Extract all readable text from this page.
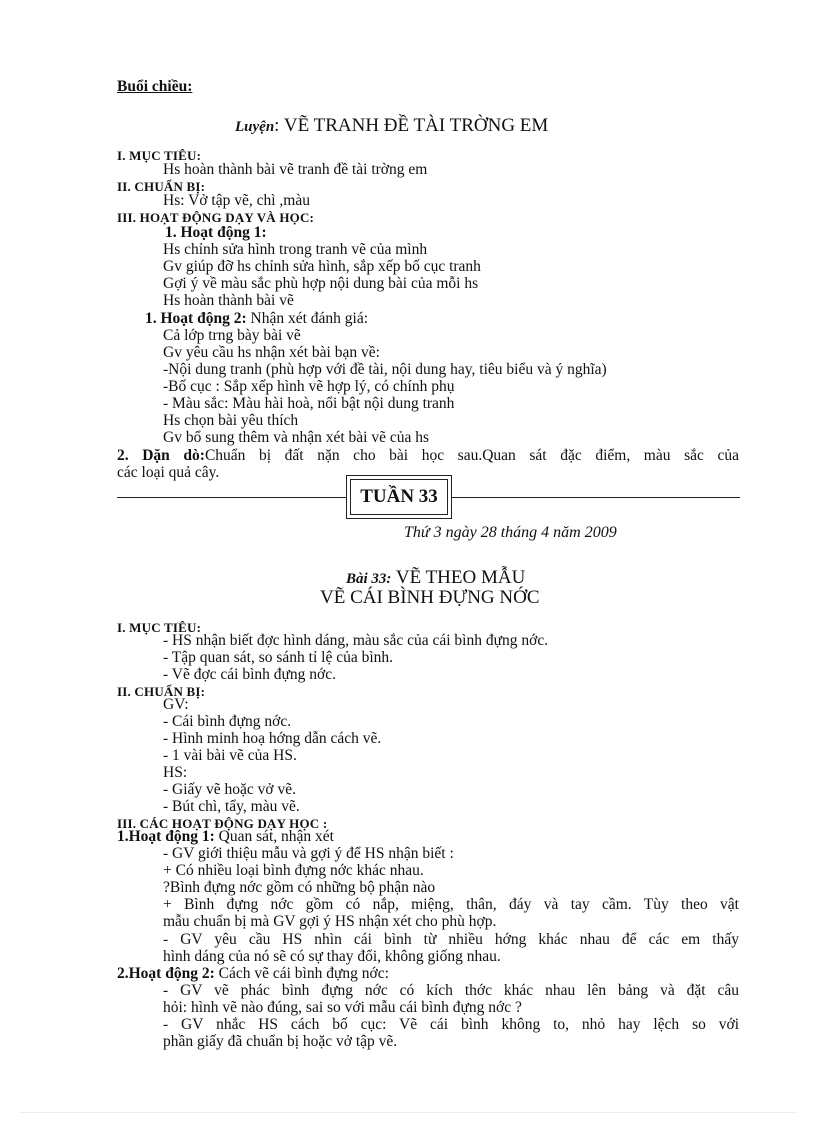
Buổi chiều:
Luyện: VẼ TRANH ĐỀ TÀI TRỜNG EM
I. MỤC TIÊU:
Hs hoàn thành bài vẽ tranh đề tài trờng em
II. CHUẨN BỊ:
Hs: Vở tập vẽ, chì ,màu
III. HOẠT ĐỘNG DẠY VÀ HỌC:
1. Hoạt động 1:
Hs chỉnh sửa hình trong tranh vẽ của mình
Gv giúp đỡ hs chỉnh sửa hình, sắp xếp bố cục tranh
Gợi ý về màu sắc phù hợp nội dung bài của mỗi hs
Hs hoàn thành bài vẽ
1. Hoạt động 2: Nhận xét đánh giá:
Cả lớp trng bày bài vẽ
Gv yêu cầu hs nhận xét bài bạn về:
-Nội dung tranh (phù hợp với đề tài, nội dung hay, tiêu biểu và ý nghĩa)
-Bố cục : Sắp xếp hình vẽ hợp lý, có chính phụ
- Màu sắc: Màu hài hoà, nổi bật nội dung tranh
Hs chọn bài yêu thích
Gv bổ sung thêm và nhận xét bài vẽ của hs
2. Dặn dò:Chuẩn bị đất nặn cho bài học sau.Quan sát đặc điểm, màu sắc của
các loại quả cây.
TUẦN 33
Thứ 3 ngày 28 tháng 4 năm 2009
Bài 33: VẼ THEO MẪU
VẼ CÁI BÌNH ĐỰNG NỚC
I. MỤC TIÊU:
- HS nhận biết đợc hình dáng, màu sắc của cái bình đựng nớc.
- Tập quan sát, so sánh tỉ lệ của bình.
- Vẽ đợc cái bình đựng nớc.
II. CHUẨN BỊ:
GV:
- Cái bình đựng nớc.
- Hình minh hoạ hớng dẫn cách vẽ.
- 1 vài bài vẽ của HS.
HS:
- Giấy vẽ hoặc vở vẽ.
- Bút chì, tẩy, màu vẽ.
III. CÁC HOẠT ĐỘNG DẠY HỌC :
1.Hoạt động 1: Quan sát, nhận xét
- GV giới thiệu mẫu và gợi ý để HS nhận biết :
+ Có nhiều loại bình đựng nớc khác nhau.
?Bình đựng nớc gồm có những bộ phận nào
+ Bình đựng nớc gồm có nắp, miệng, thân, đáy và tay cầm. Tùy theo vật
mẫu chuẩn bị mà GV gợi ý HS nhận xét cho phù hợp.
- GV yêu cầu HS nhìn cái bình từ nhiều hớng khác nhau để các em thấy
hình dáng của nó sẽ có sự thay đổi, không giống nhau.
2.Hoạt động 2: Cách vẽ cái bình đựng nớc:
- GV vẽ phác bình đựng nớc có kích thớc khác nhau lên bảng và đặt câu
hỏi: hình vẽ nào đúng, sai so với mẫu cái bình đựng nớc ?
- GV nhắc HS cách bố cục: Vẽ cái bình không to, nhỏ hay lệch so với
phần giấy đã chuẩn bị hoặc vở tập vẽ.
